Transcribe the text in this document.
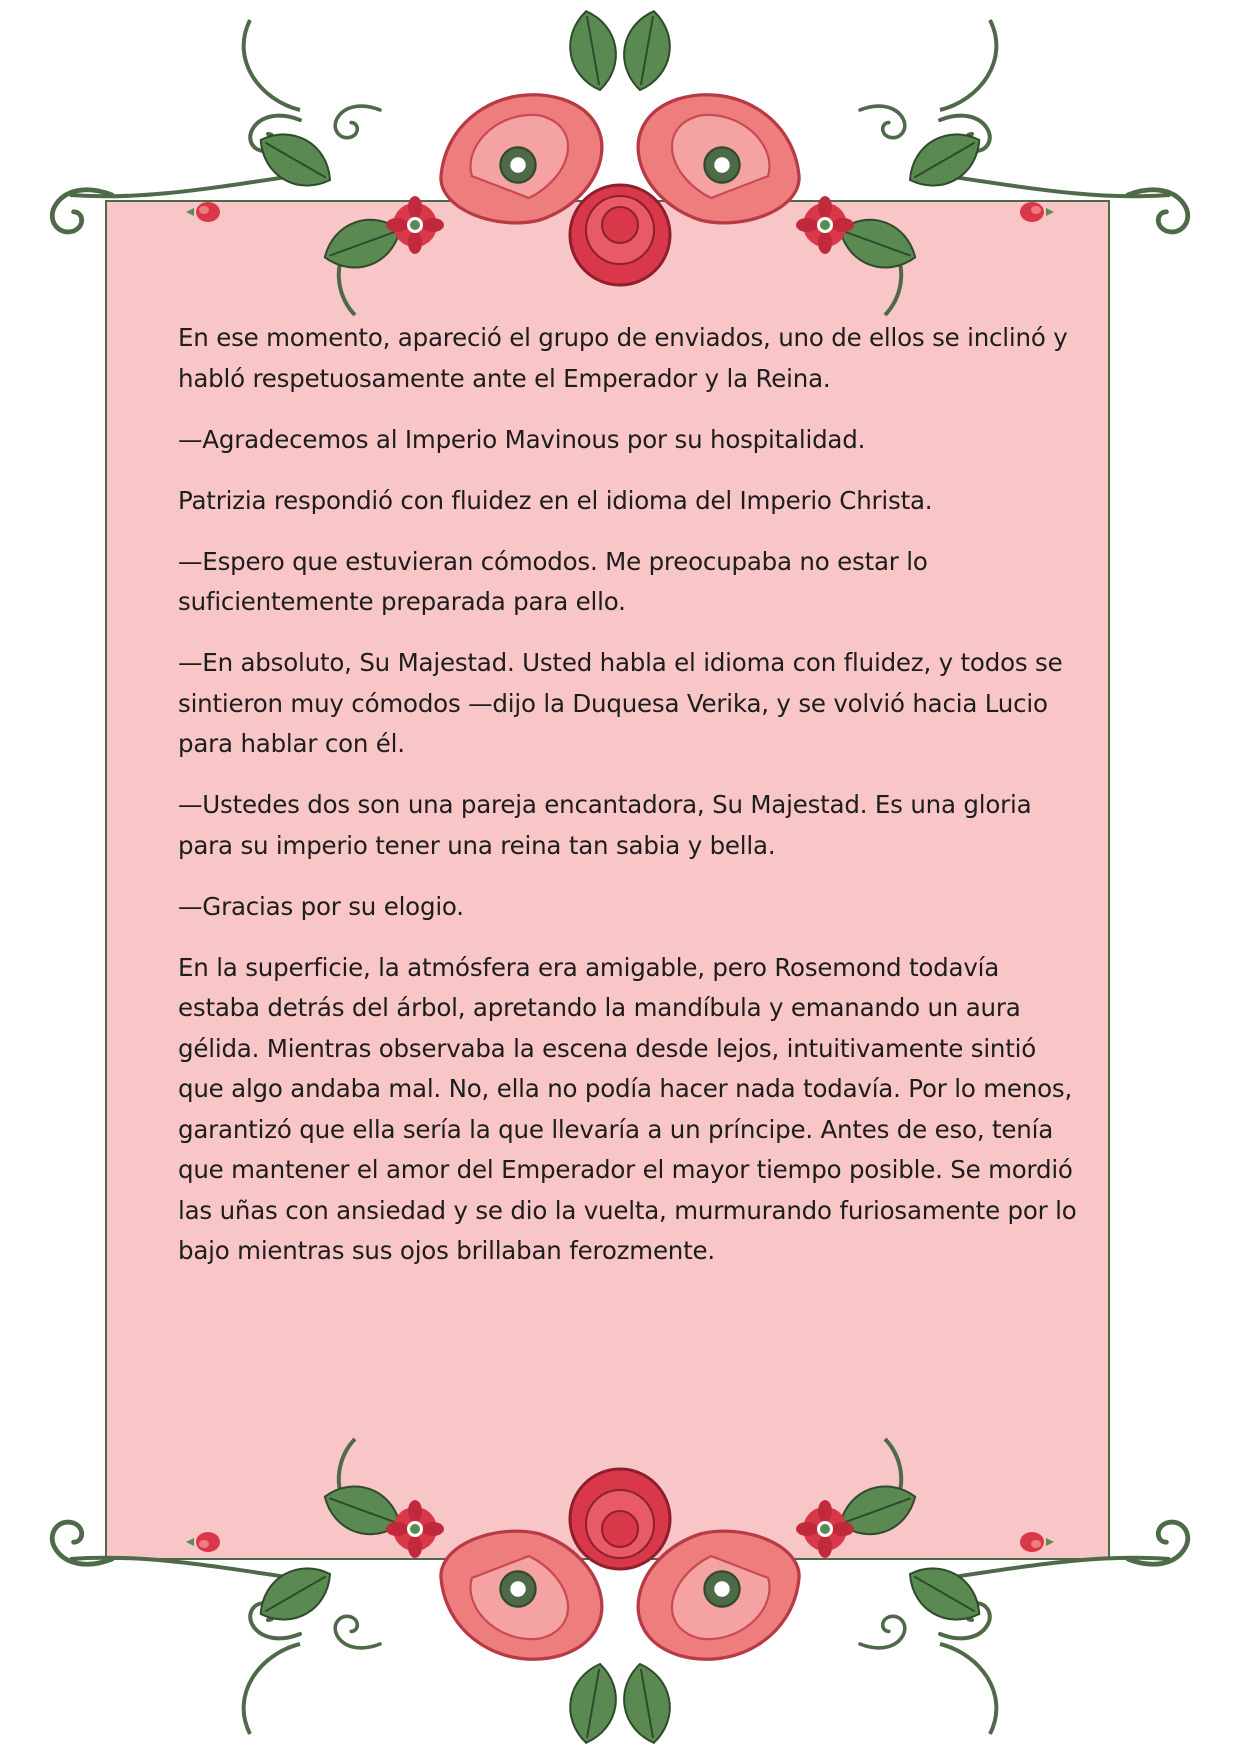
En ese momento, apareció el grupo de enviados, uno de ellos se inclinó y habló respetuosamente ante el Emperador y la Reina.

—Agradecemos al Imperio Mavinous por su hospitalidad.

Patrizia respondió con fluidez en el idioma del Imperio Christa.

—Espero que estuvieran cómodos. Me preocupaba no estar lo suficientemente preparada para ello.

—En absoluto, Su Majestad. Usted habla el idioma con fluidez, y todos se sintieron muy cómodos —dijo la Duquesa Verika, y se volvió hacia Lucio para hablar con él.

—Ustedes dos son una pareja encantadora, Su Majestad. Es una gloria para su imperio tener una reina tan sabia y bella.

—Gracias por su elogio.

En la superficie, la atmósfera era amigable, pero Rosemond todavía estaba detrás del árbol, apretando la mandíbula y emanando un aura gélida. Mientras observaba la escena desde lejos, intuitivamente sintió que algo andaba mal. No, ella no podía hacer nada todavía. Por lo menos, garantizó que ella sería la que llevaría a un príncipe. Antes de eso, tenía que mantener el amor del Emperador el mayor tiempo posible. Se mordió las uñas con ansiedad y se dio la vuelta, murmurando furiosamente por lo bajo mientras sus ojos brillaban ferozmente.
